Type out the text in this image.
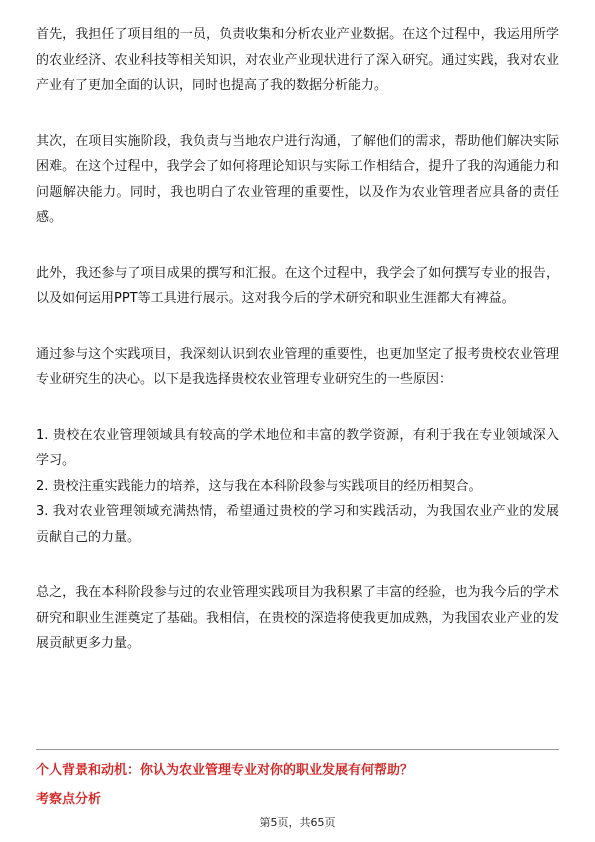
首先，我担任了项目组的一员，负责收集和分析农业产业数据。在这个过程中，我运用所学的农业经济、农业科技等相关知识，对农业产业现状进行了深入研究。通过实践，我对农业产业有了更加全面的认识，同时也提高了我的数据分析能力。

其次，在项目实施阶段，我负责与当地农户进行沟通，了解他们的需求，帮助他们解决实际困难。在这个过程中，我学会了如何将理论知识与实际工作相结合，提升了我的沟通能力和问题解决能力。同时，我也明白了农业管理的重要性，以及作为农业管理者应具备的责任感。

此外，我还参与了项目成果的撰写和汇报。在这个过程中，我学会了如何撰写专业的报告，以及如何运用PPT等工具进行展示。这对我今后的学术研究和职业生涯都大有裨益。

通过参与这个实践项目，我深刻认识到农业管理的重要性，也更加坚定了报考贵校农业管理专业研究生的决心。以下是我选择贵校农业管理专业研究生的一些原因：

1. 贵校在农业管理领域具有较高的学术地位和丰富的教学资源，有利于我在专业领域深入学习。
2. 贵校注重实践能力的培养，这与我在本科阶段参与实践项目的经历相契合。
3. 我对农业管理领域充满热情，希望通过贵校的学习和实践活动，为我国农业产业的发展贡献自己的力量。

总之，我在本科阶段参与过的农业管理实践项目为我积累了丰富的经验，也为我今后的学术研究和职业生涯奠定了基础。我相信，在贵校的深造将使我更加成熟，为我国农业产业的发展贡献更多力量。

个人背景和动机：你认为农业管理专业对你的职业发展有何帮助？

考察点分析

第5页，共65页
